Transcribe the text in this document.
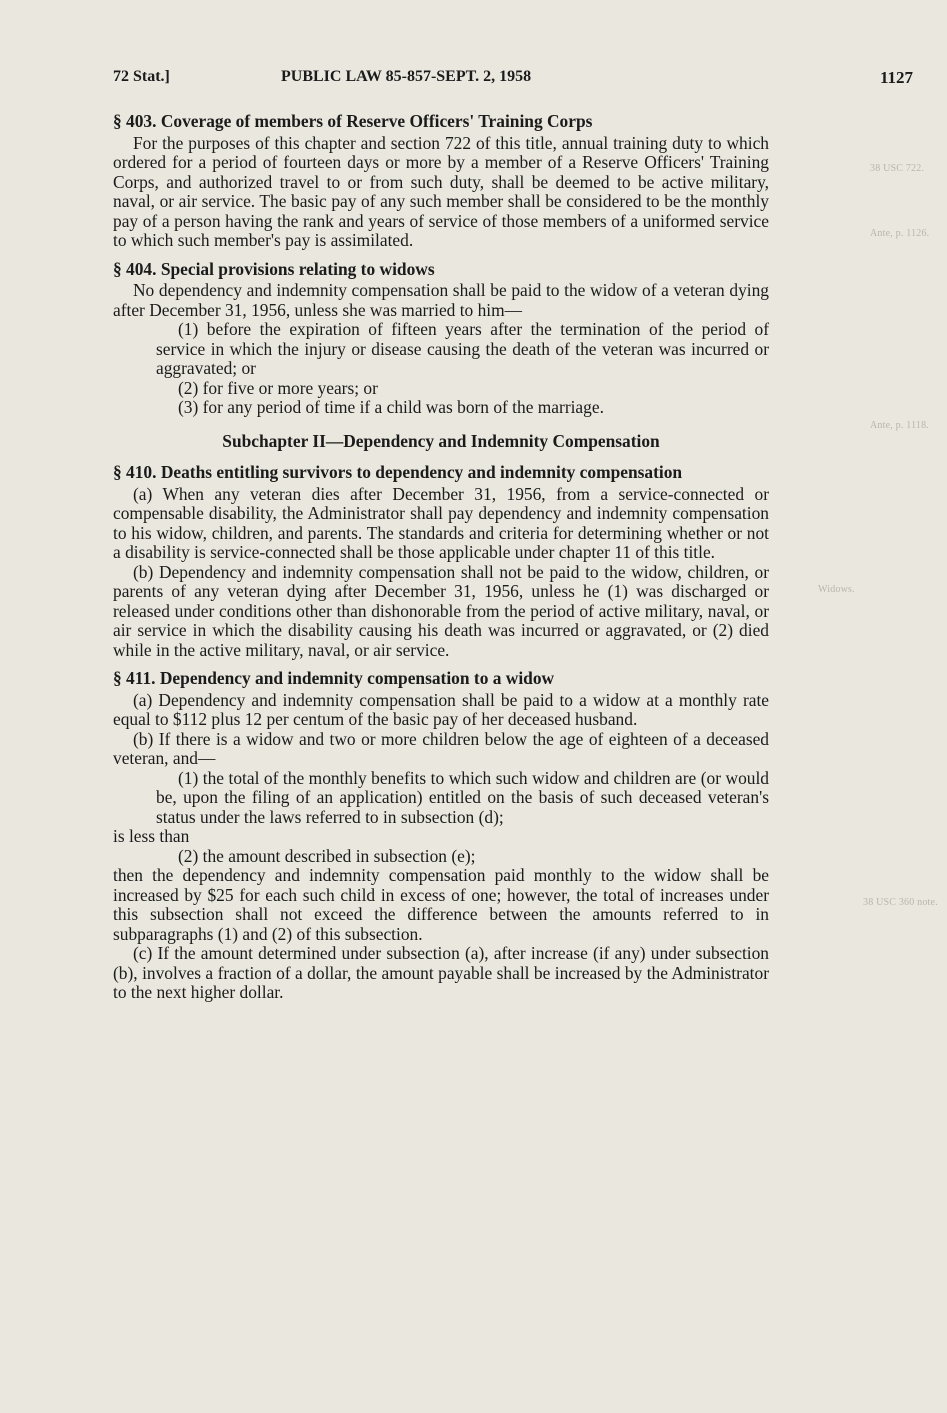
38 USC 722.
Ante, p. 1126.
Ante, p. 1118.
Widows.
38 USC 360 note.
72 Stat.]	PUBLIC LAW 85-857-SEPT. 2, 1958	1127
§ 403. Coverage of members of Reserve Officers' Training Corps

For the purposes of this chapter and section 722 of this title, annual training duty to which ordered for a period of fourteen days or more by a member of a Reserve Officers' Training Corps, and authorized travel to or from such duty, shall be deemed to be active military, naval, or air service. The basic pay of any such member shall be considered to be the monthly pay of a person having the rank and years of service of those members of a uniformed service to which such member's pay is assimilated.

§ 404. Special provisions relating to widows

No dependency and indemnity compensation shall be paid to the widow of a veteran dying after December 31, 1956, unless she was married to him—

(1) before the expiration of fifteen years after the termination of the period of service in which the injury or disease causing the death of the veteran was incurred or aggravated; or

(2) for five or more years; or

(3) for any period of time if a child was born of the marriage.

Subchapter II—Dependency and Indemnity Compensation
§ 410. Deaths entitling survivors to dependency and indemnity compensation

(a) When any veteran dies after December 31, 1956, from a service-connected or compensable disability, the Administrator shall pay dependency and indemnity compensation to his widow, children, and parents. The standards and criteria for determining whether or not a disability is service-connected shall be those applicable under chapter 11 of this title.

(b) Dependency and indemnity compensation shall not be paid to the widow, children, or parents of any veteran dying after December 31, 1956, unless he (1) was discharged or released under conditions other than dishonorable from the period of active military, naval, or air service in which the disability causing his death was incurred or aggravated, or (2) died while in the active military, naval, or air service.

§ 411. Dependency and indemnity compensation to a widow

(a) Dependency and indemnity compensation shall be paid to a widow at a monthly rate equal to $112 plus 12 per centum of the basic pay of her deceased husband.

(b) If there is a widow and two or more children below the age of eighteen of a deceased veteran, and—

(1) the total of the monthly benefits to which such widow and children are (or would be, upon the filing of an application) entitled on the basis of such deceased veteran's status under the laws referred to in subsection (d);

is less than

(2) the amount described in subsection (e);

then the dependency and indemnity compensation paid monthly to the widow shall be increased by $25 for each such child in excess of one; however, the total of increases under this subsection shall not exceed the difference between the amounts referred to in subparagraphs (1) and (2) of this subsection.

(c) If the amount determined under subsection (a), after increase (if any) under subsection (b), involves a fraction of a dollar, the amount payable shall be increased by the Administrator to the next higher dollar.
